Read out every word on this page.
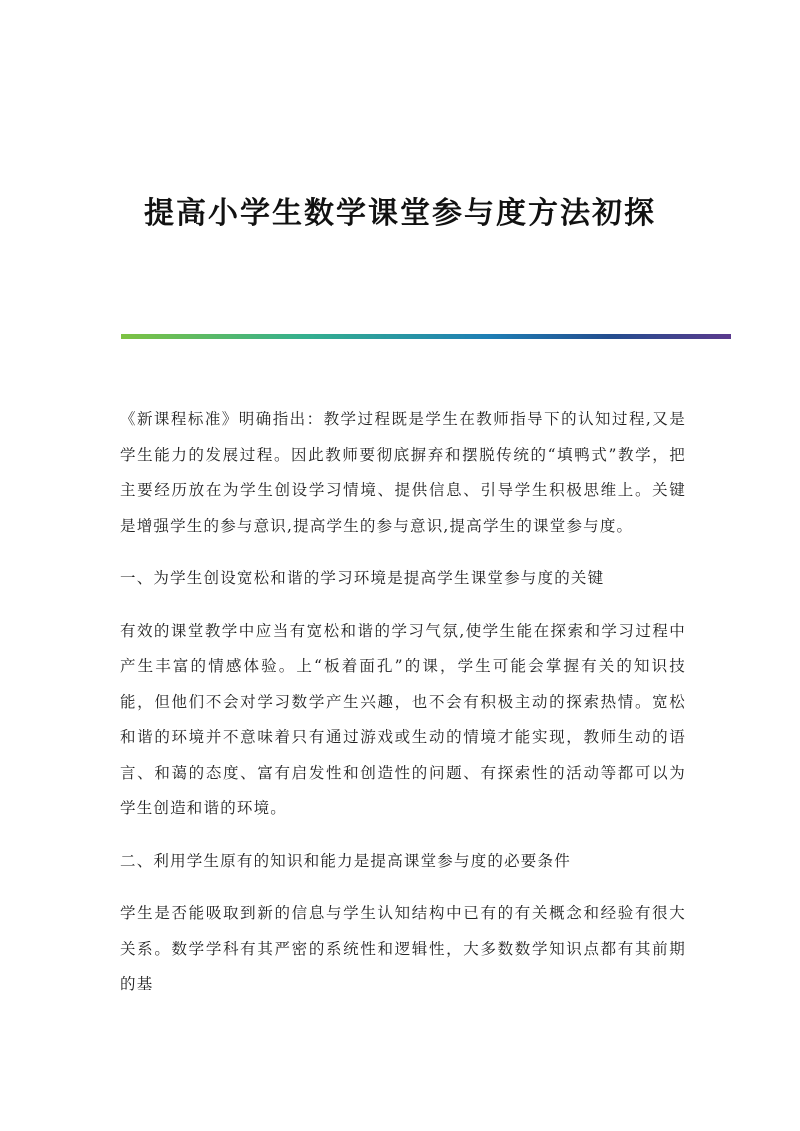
提高小学生数学课堂参与度方法初探

《新课程标准》明确指出：教学过程既是学生在教师指导下的认知过程,又是学生能力的发展过程。因此教师要彻底摒弃和摆脱传统的“填鸭式”教学，把主要经历放在为学生创设学习情境、提供信息、引导学生积极思维上。关键是增强学生的参与意识,提高学生的参与意识,提高学生的课堂参与度。

一、为学生创设宽松和谐的学习环境是提高学生课堂参与度的关键

有效的课堂教学中应当有宽松和谐的学习气氛,使学生能在探索和学习过程中产生丰富的情感体验。上“板着面孔”的课，学生可能会掌握有关的知识技能，但他们不会对学习数学产生兴趣，也不会有积极主动的探索热情。宽松和谐的环境并不意味着只有通过游戏或生动的情境才能实现，教师生动的语言、和蔼的态度、富有启发性和创造性的问题、有探索性的活动等都可以为学生创造和谐的环境。

二、利用学生原有的知识和能力是提高课堂参与度的必要条件

学生是否能吸取到新的信息与学生认知结构中已有的有关概念和经验有很大关系。数学学科有其严密的系统性和逻辑性，大多数数学知识点都有其前期的基
